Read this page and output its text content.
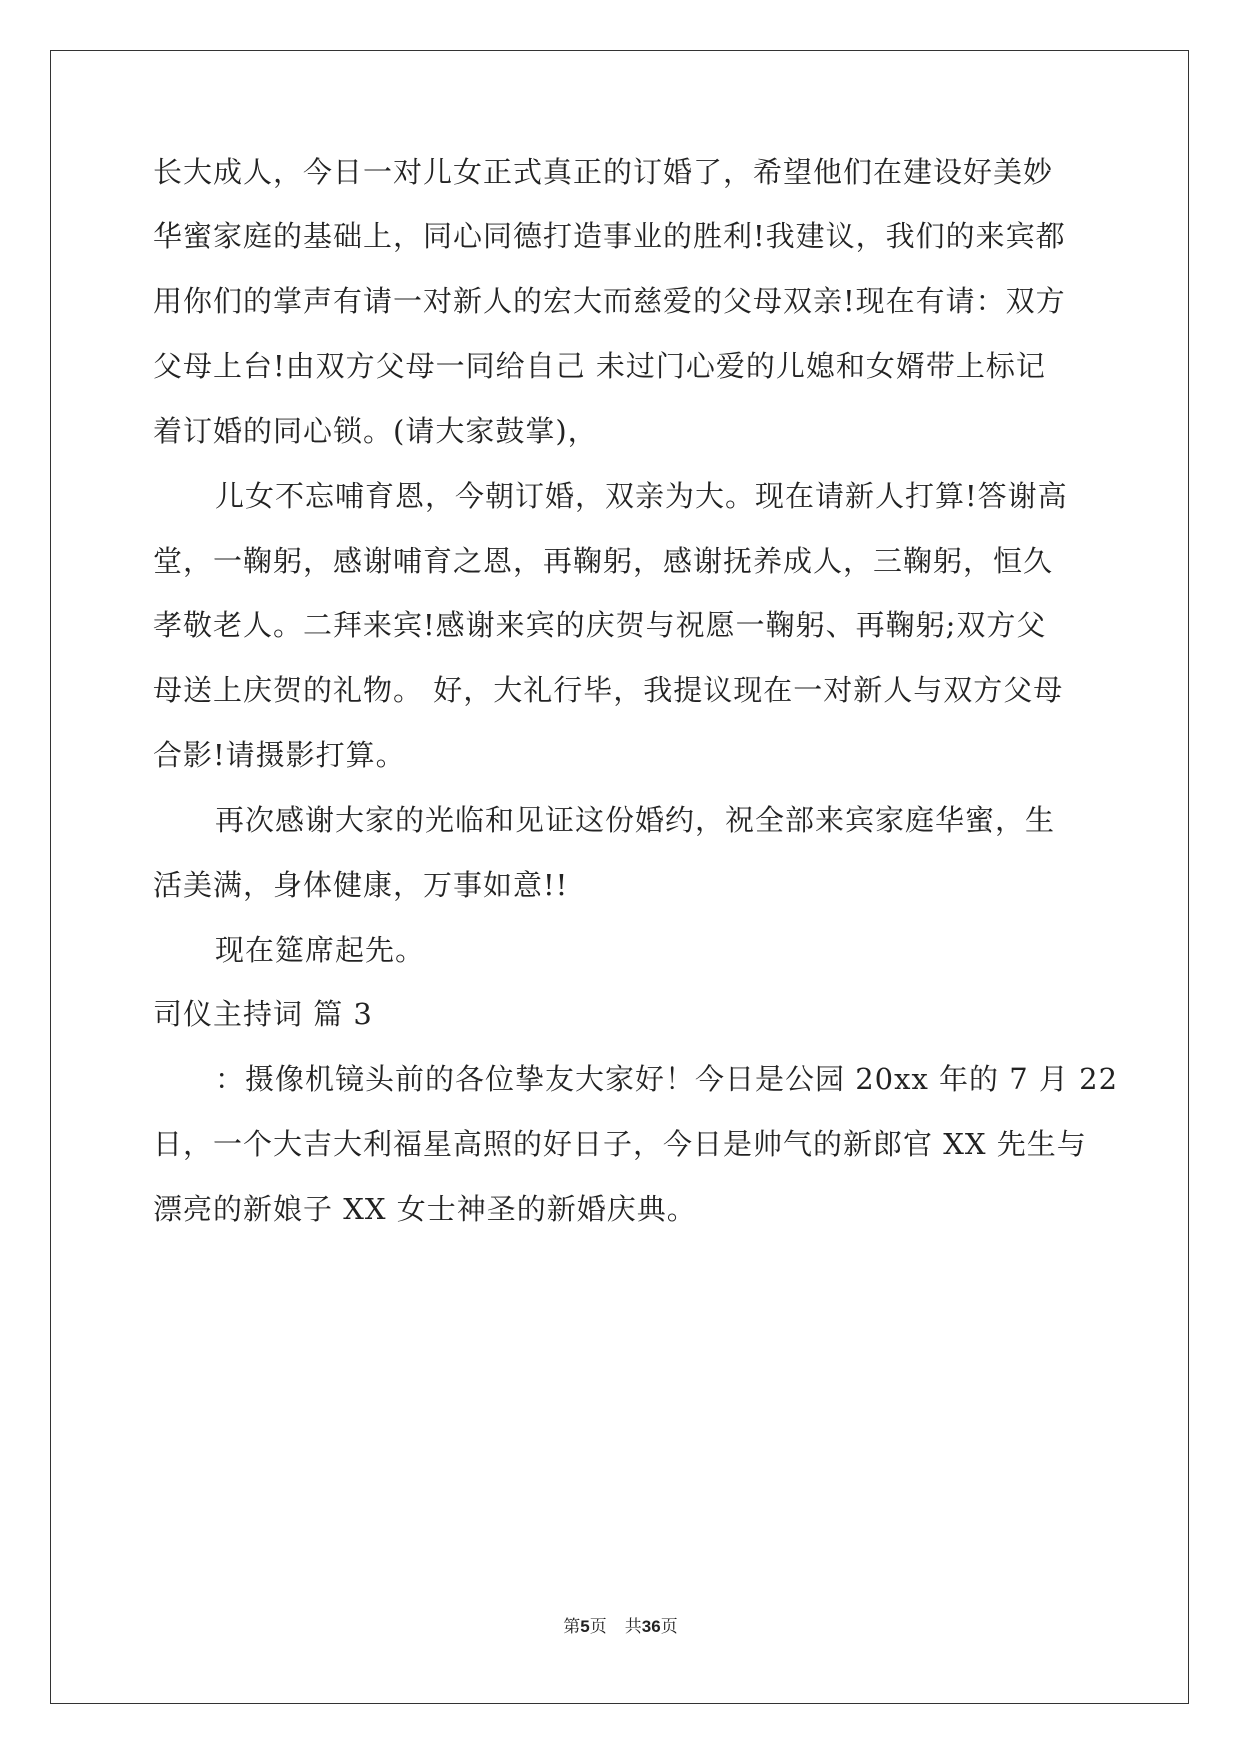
长大成人，今日一对儿女正式真正的订婚了，希望他们在建设好美妙
华蜜家庭的基础上，同心同德打造事业的胜利!我建议，我们的来宾都
用你们的掌声有请一对新人的宏大而慈爱的父母双亲!现在有请：双方
父母上台!由双方父母一同给自己 未过门心爱的儿媳和女婿带上标记
着订婚的同心锁。(请大家鼓掌)，
儿女不忘哺育恩，今朝订婚，双亲为大。现在请新人打算!答谢高
堂，一鞠躬，感谢哺育之恩，再鞠躬，感谢抚养成人，三鞠躬，恒久
孝敬老人。二拜来宾!感谢来宾的庆贺与祝愿一鞠躬、再鞠躬;双方父
母送上庆贺的礼物。 好，大礼行毕，我提议现在一对新人与双方父母
合影!请摄影打算。
再次感谢大家的光临和见证这份婚约，祝全部来宾家庭华蜜，生
活美满，身体健康，万事如意!!
现在筵席起先。
司仪主持词 篇 3
：摄像机镜头前的各位挚友大家好！今日是公园 20xx 年的 7 月 22
日，一个大吉大利福星高照的好日子，今日是帅气的新郎官 XX 先生与
漂亮的新娘子 XX 女士神圣的新婚庆典。
第5页 共36页
